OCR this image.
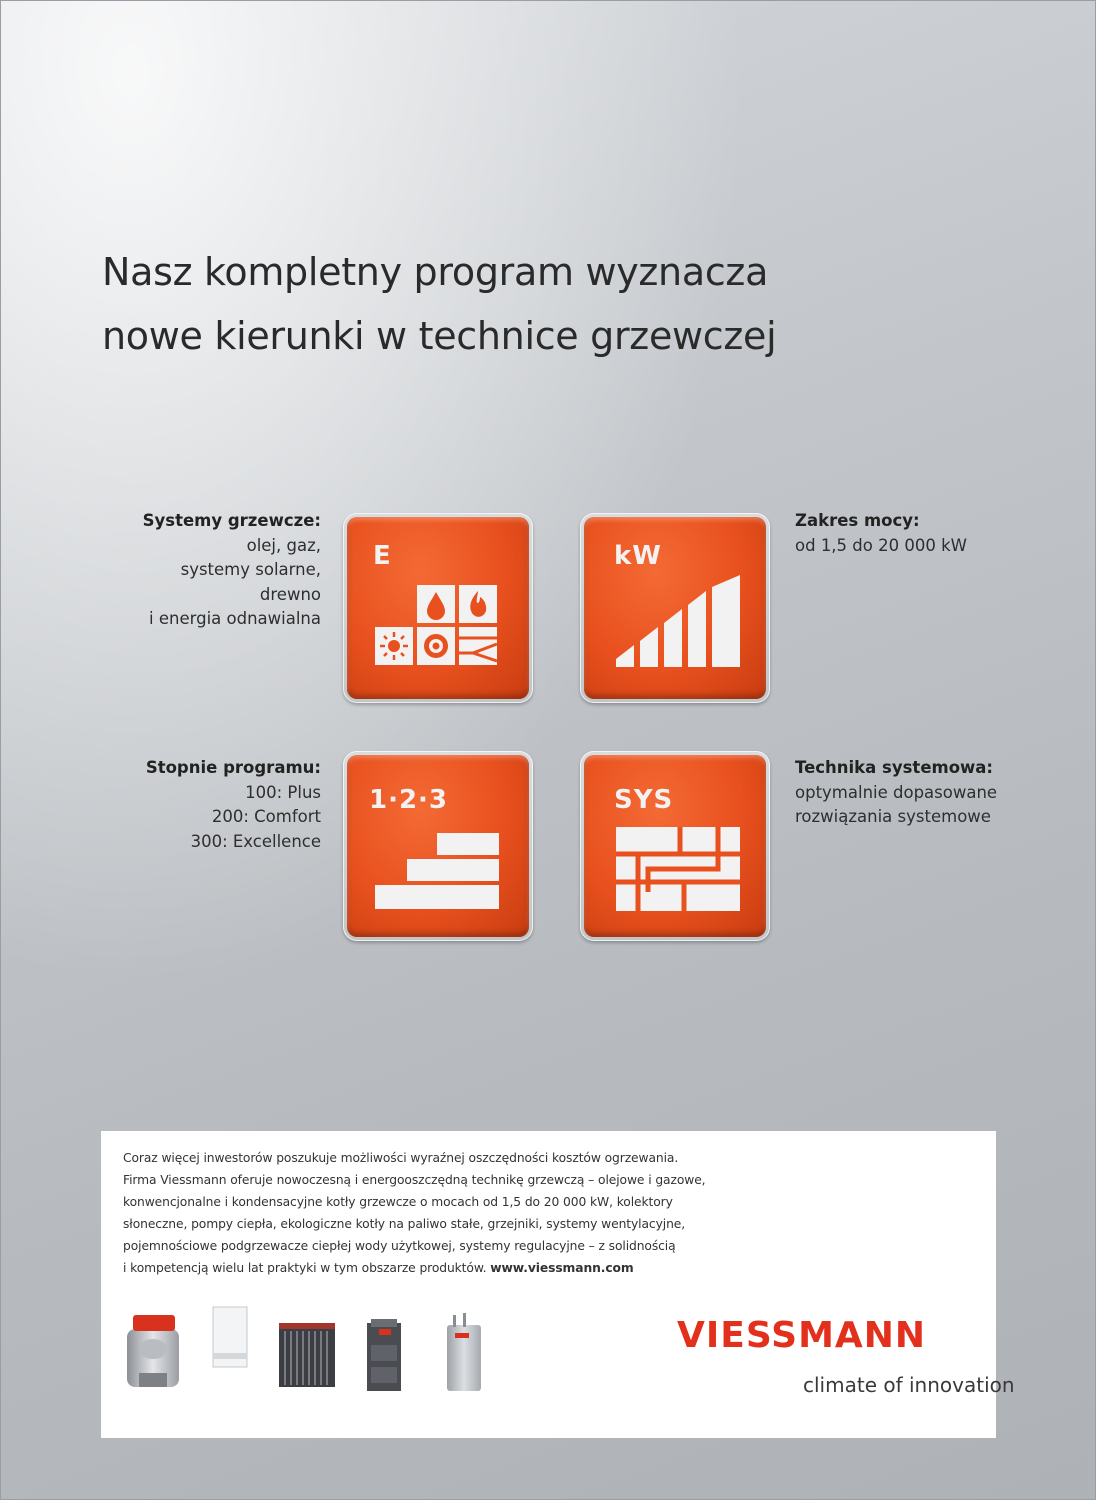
Nasz kompletny program wyznacza
nowe kierunki w technice grzewczej
Systemy grzewcze:
olej, gaz,
systemy solarne,
drewno
i energia odnawialna
Stopnie programu:
100: Plus
200: Comfort
300: Excellence
Zakres mocy:
od 1,5 do 20 000 kW
Technika systemowa:
optymalnie dopasowane
rozwiązania systemowe
E	kW
1·2·3	SYS
Coraz więcej inwestorów poszukuje możliwości wyraźnej oszczędności kosztów ogrzewania.
Firma Viessmann oferuje nowoczesną i energooszczędną technikę grzewczą – olejowe i gazowe,
konwencjonalne i kondensacyjne kotły grzewcze o mocach od 1,5 do 20 000 kW, kolektory
słoneczne, pompy ciepła, ekologiczne kotły na paliwo stałe, grzejniki, systemy wentylacyjne,
pojemnościowe podgrzewacze ciepłej wody użytkowej, systemy regulacyjne – z solidnością
i kompetencją wielu lat praktyki w tym obszarze produktów. www.viessmann.com
VIESSMANN
climate of innovation
